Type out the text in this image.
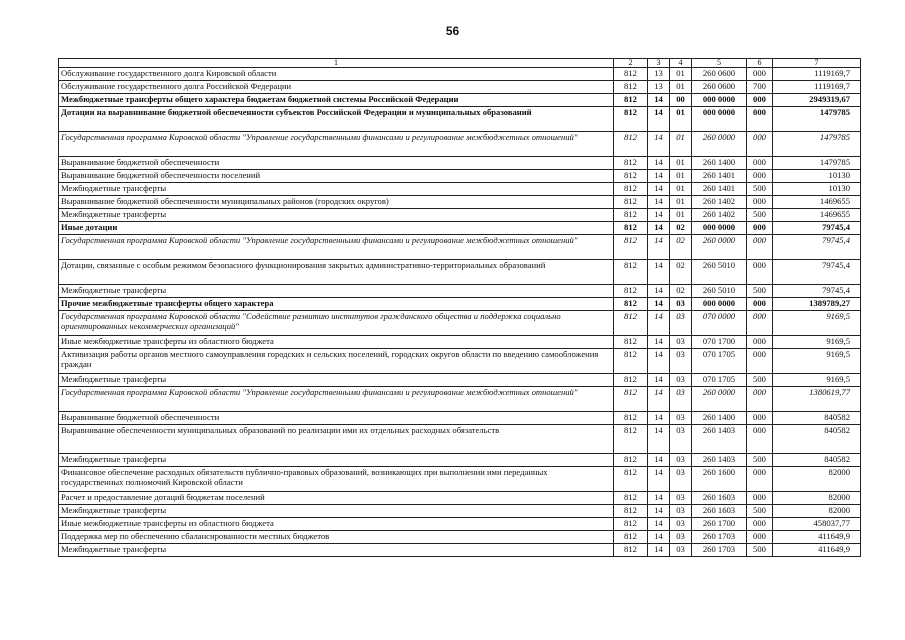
56
1	2	3	4	5	6	7
Обслуживание государственного долга Кировской области	812	13	01	260 0600	000	1119169,7
Обслуживание государственного долга Российской Федерации	812	13	01	260 0600	700	1119169,7
Межбюджетные трансферты общего характера бюджетам бюджетной системы Российской Федерации	812	14	00	000 0000	000	2949319,67
Дотации на выравнивание бюджетной обеспеченности субъектов Российской Федерации и муниципальных образований	812	14	01	000 0000	000	1479785
Государственная программа Кировской области "Управление государственными финансами и регулирование межбюджетных отношений"	812	14	01	260 0000	000	1479785
Выравнивание бюджетной обеспеченности	812	14	01	260 1400	000	1479785
Выравнивание бюджетной обеспеченности поселений	812	14	01	260 1401	000	10130
Межбюджетные трансферты	812	14	01	260 1401	500	10130
Выравнивание бюджетной обеспеченности муниципальных районов (городских округов)	812	14	01	260 1402	000	1469655
Межбюджетные трансферты	812	14	01	260 1402	500	1469655
Иные дотации	812	14	02	000 0000	000	79745,4
Государственная программа Кировской области "Управление государственными финансами и регулирование межбюджетных отношений"	812	14	02	260 0000	000	79745,4
Дотации, связанные с особым режимом безопасного функционирования закрытых административно-территориальных образований	812	14	02	260 5010	000	79745,4
Межбюджетные трансферты	812	14	02	260 5010	500	79745,4
Прочие межбюджетные трансферты общего характера	812	14	03	000 0000	000	1389789,27
Государственная программа Кировской области "Содействие развитию институтов гражданского общества и поддержка социально ориентированных некоммерческих организаций"	812	14	03	070 0000	000	9169,5
Иные межбюджетные трансферты из областного бюджета	812	14	03	070 1700	000	9169,5
Активизация работы органов местного самоуправления городских и сельских поселений, городских округов области по введению самообложения граждан	812	14	03	070 1705	000	9169,5
Межбюджетные трансферты	812	14	03	070 1705	500	9169,5
Государственная программа Кировской области "Управление государственными финансами и регулирование межбюджетных отношений"	812	14	03	260 0000	000	1380619,77
Выравнивание бюджетной обеспеченности	812	14	03	260 1400	000	840582
Выравнивание обеспеченности муниципальных образований по реализации ими их отдельных расходных обязательств	812	14	03	260 1403	000	840582
Межбюджетные трансферты	812	14	03	260 1403	500	840582
Финансовое обеспечение расходных обязательств публично-правовых образований, возникающих при выполнении ими переданных государственных полномочий Кировской области	812	14	03	260 1600	000	82000
Расчет и предоставление дотаций бюджетам поселений	812	14	03	260 1603	000	82000
Межбюджетные трансферты	812	14	03	260 1603	500	82000
Иные межбюджетные трансферты из областного бюджета	812	14	03	260 1700	000	458037,77
Поддержка мер по обеспечению сбалансированности местных бюджетов	812	14	03	260 1703	000	411649,9
Межбюджетные трансферты	812	14	03	260 1703	500	411649,9
